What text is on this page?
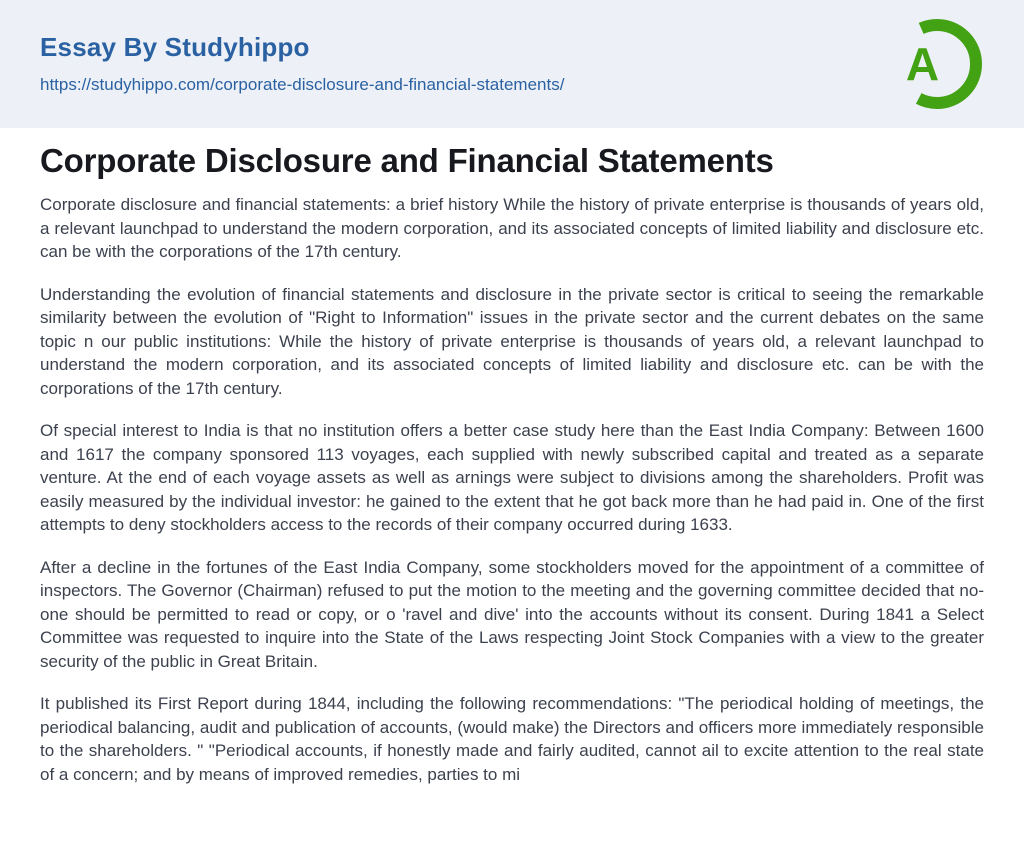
Essay By Studyhippo
https://studyhippo.com/corporate-disclosure-and-financial-statements/	A
Corporate Disclosure and Financial Statements

Corporate disclosure and financial statements: a brief history While the history of private enterprise is thousands of years old, a relevant launchpad to understand the modern corporation, and its associated concepts of limited liability and disclosure etc. can be with the corporations of the 17th century.

Understanding the evolution of financial statements and disclosure in the private sector is critical to seeing the remarkable similarity between the evolution of "Right to Information" issues in the private sector and the current debates on the same topic n our public institutions: While the history of private enterprise is thousands of years old, a relevant launchpad to understand the modern corporation, and its associated concepts of limited liability and disclosure etc. can be with the corporations of the 17th century.

Of special interest to India is that no institution offers a better case study here than the East India Company: Between 1600 and 1617 the company sponsored 113 voyages, each supplied with newly subscribed capital and treated as a separate venture. At the end of each voyage assets as well as arnings were subject to divisions among the shareholders. Profit was easily measured by the individual investor: he gained to the extent that he got back more than he had paid in. One of the first attempts to deny stockholders access to the records of their company occurred during 1633.

After a decline in the fortunes of the East India Company, some stockholders moved for the appointment of a committee of inspectors. The Governor (Chairman) refused to put the motion to the meeting and the governing committee decided that no-one should be permitted to read or copy, or o 'ravel and dive' into the accounts without its consent. During 1841 a Select Committee was requested to inquire into the State of the Laws respecting Joint Stock Companies with a view to the greater security of the public in Great Britain.

It published its First Report during 1844, including the following recommendations: "The periodical holding of meetings, the periodical balancing, audit and publication of accounts, (would make) the Directors and officers more immediately responsible to the shareholders. " "Periodical accounts, if honestly made and fairly audited, cannot ail to excite attention to the real state of a concern; and by means of improved remedies, parties to mi
